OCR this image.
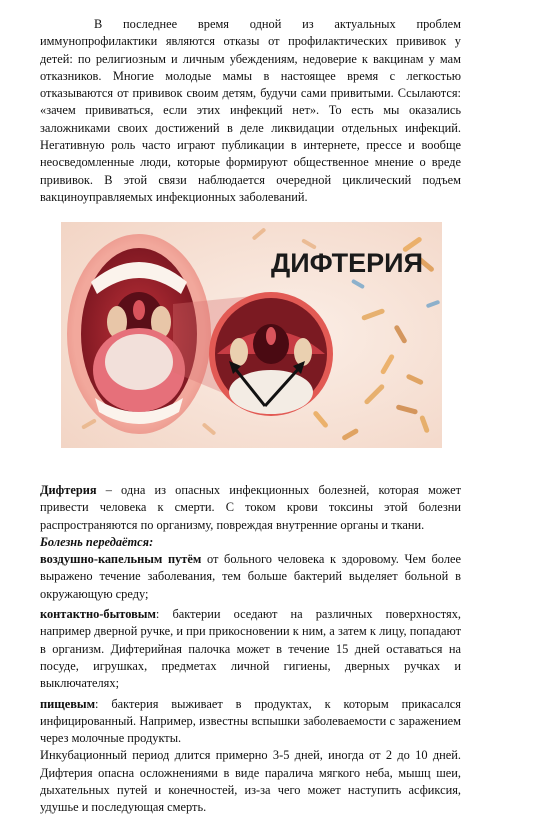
В последнее время одной из актуальных проблем иммунопрофилактики являются отказы от профилактических прививок у детей: по религиозным и личным убеждениям, недоверие к вакцинам у мам отказников. Многие молодые мамы в настоящее время с легкостью отказываются от прививок своим детям, будучи сами привитыми. Ссылаются: «зачем прививаться, если этих инфекций нет». То есть мы оказались заложниками своих достижений в деле ликвидации отдельных инфекций. Негативную роль часто играют публикации в интернете, прессе и вообще неосведомленные люди, которые формируют общественное мнение о вреде прививок. В этой связи наблюдается очередной циклический подъем вакциноуправляемых инфекционных заболеваний.

ДИФТЕРИЯ

Дифтерия – одна из опасных инфекционных болезней, которая может привести человека к смерти. С током крови токсины этой болезни распространяются по организму, повреждая внутренние органы и ткани.

Болезнь передаётся:

воздушно-капельным путём от больного человека к здоровому. Чем более выражено течение заболевания, тем больше бактерий выделяет больной в окружающую среду;

контактно-бытовым: бактерии оседают на различных поверхностях, например дверной ручке, и при прикосновении к ним, а затем к лицу, попадают в организм. Дифтерийная палочка может в течение 15 дней оставаться на посуде, игрушках, предметах личной гигиены, дверных ручках и выключателях;

пищевым: бактерия выживает в продуктах, к которым прикасался инфицированный. Например, известны вспышки заболеваемости с заражением через молочные продукты.

Инкубационный период длится примерно 3-5 дней, иногда от 2 до 10 дней. Дифтерия опасна осложнениями в виде паралича мягкого неба, мышц шеи, дыхательных путей и конечностей, из-за чего может наступить асфиксия, удушье и последующая смерть.
